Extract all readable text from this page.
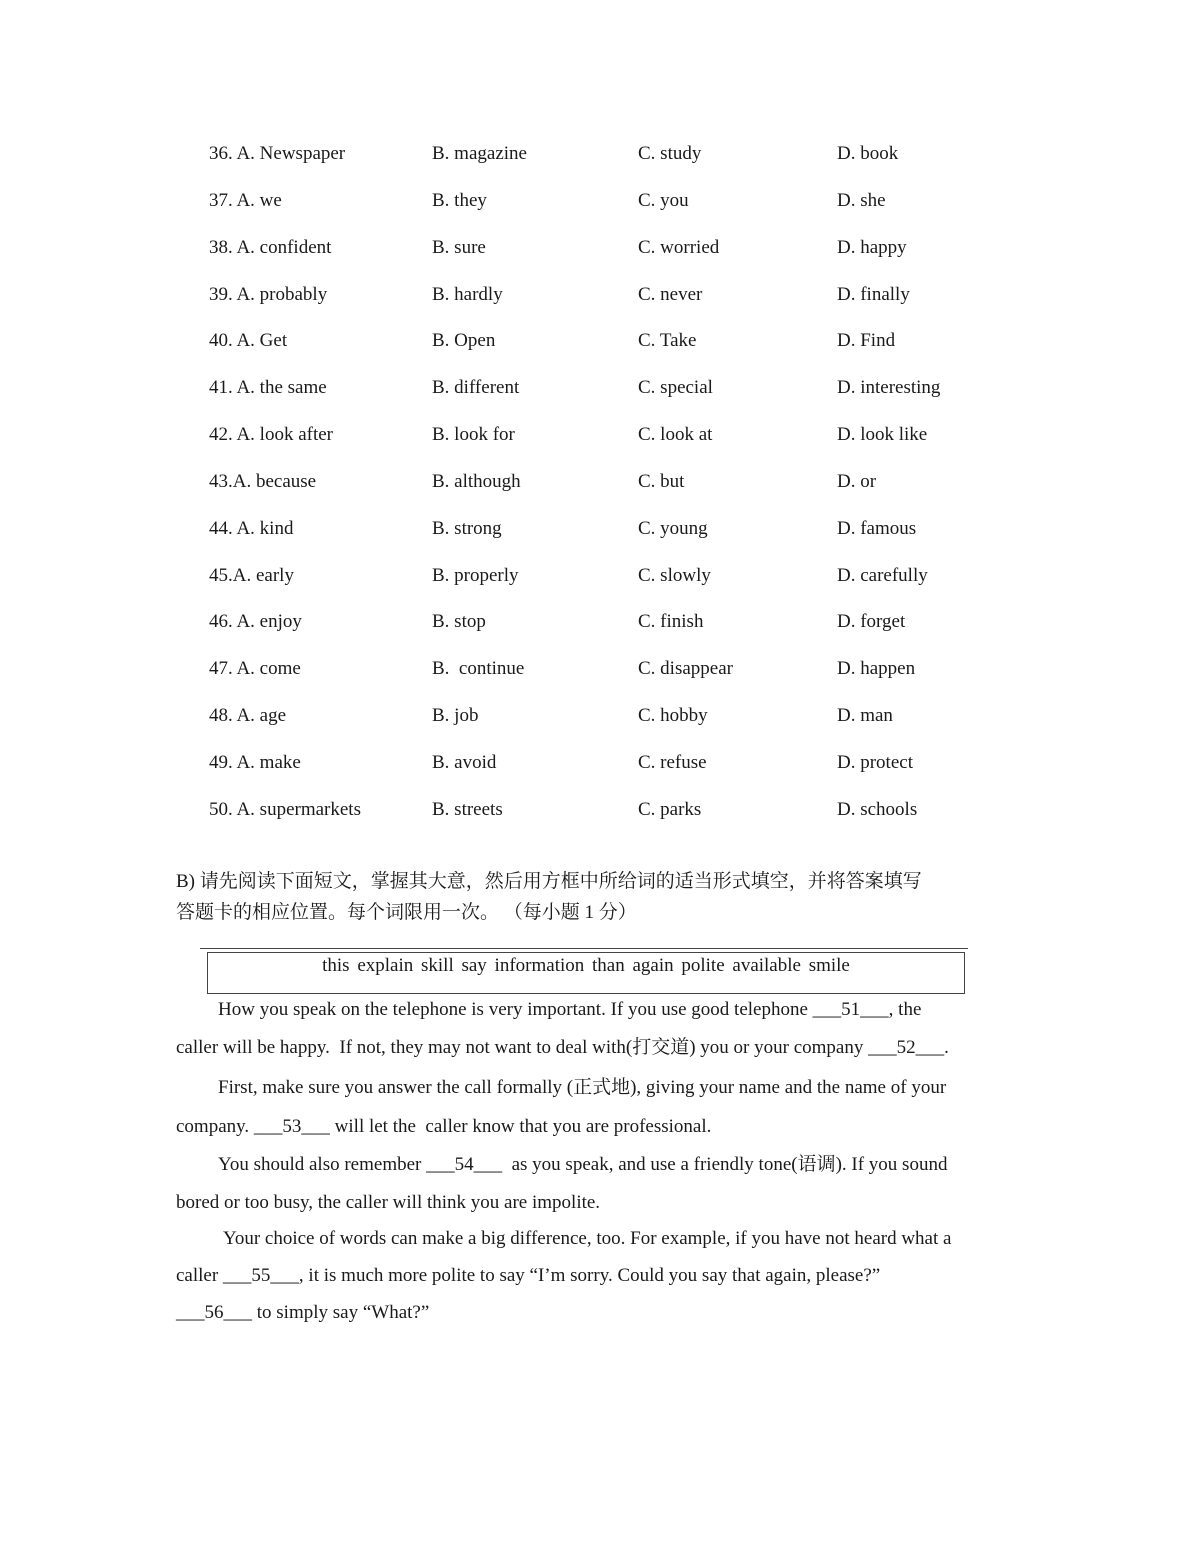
36. A. Newspaper	B. magazine	C. study	D. book
37. A. we	B. they	C. you	D. she
38. A. confident	B. sure	C. worried	D. happy
39. A. probably	B. hardly	C. never	D. finally
40. A. Get	B. Open	C. Take	D. Find
41. A. the same	B. different	C. special	D. interesting
42. A. look after	B. look for	C. look at	D. look like
43.A. because	B. although	C. but	D. or
44. A. kind	B. strong	C. young	D. famous
45.A. early	B. properly	C. slowly	D. carefully
46. A. enjoy	B. stop	C. finish	D. forget
47. A. come	B.  continue	C. disappear	D. happen
48. A. age	B. job	C. hobby	D. man
49. A. make	B. avoid	C. refuse	D. protect
50. A. supermarkets	B. streets	C. parks	D. schools
B) 请先阅读下面短文，掌握其大意，然后用方框中所给词的适当形式填空，并将答案填写
答题卡的相应位置。每个词限用一次。 （每小题 1 分）
this explain skill say information than again polite available smile
How you speak on the telephone is very important. If you use good telephone ___51___, the
caller will be happy.  If not, they may not want to deal with(打交道) you or your company ___52___.
First, make sure you answer the call formally (正式地), giving your name and the name of your
company. ___53___ will let the  caller know that you are professional.
You should also remember ___54___  as you speak, and use a friendly tone(语调). If you sound
bored or too busy, the caller will think you are impolite.
Your choice of words can make a big difference, too. For example, if you have not heard what a
caller ___55___, it is much more polite to say “I’m sorry. Could you say that again, please?”
___56___ to simply say “What?”
